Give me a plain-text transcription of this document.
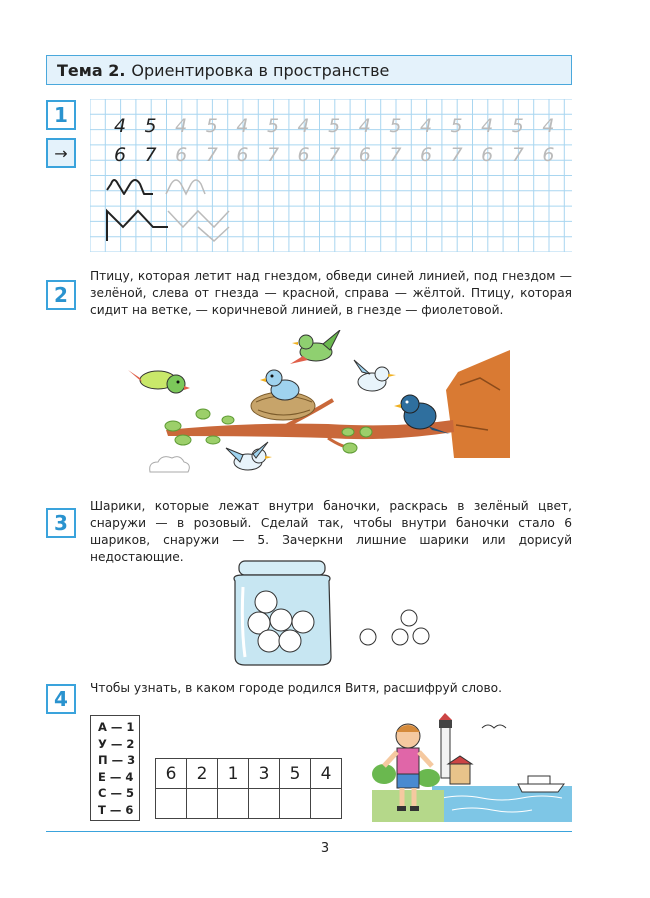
Тема 2. Ориентировка в пространстве
1
→
4 5 4 5 4 5 4 5 4 5 4 5 4 5 4
6 7 6 7 6 7 6 7 6 7 6 7 6 7 6
2
Птицу, которая летит над гнездом, обведи синей линией, под гнездом — зелёной, слева от гнезда — красной, справа — жёлтой. Птицу, которая сидит на ветке, — коричневой линией, в гнезде — фиолетовой.
3
Шарики, которые лежат внутри баночки, раскрась в зелёный цвет, снаружи — в розовый. Сделай так, чтобы внутри баночки стало 6 шариков, снаружи — 5. Зачеркни лишние шарики или дорисуй недостающие.
4	Чтобы узнать, в каком городе родился Витя, расшифруй слово.
А — 1
У — 2
П — 3
Е — 4
С — 5
Т — 6
6	2	1	3	5	4

3
